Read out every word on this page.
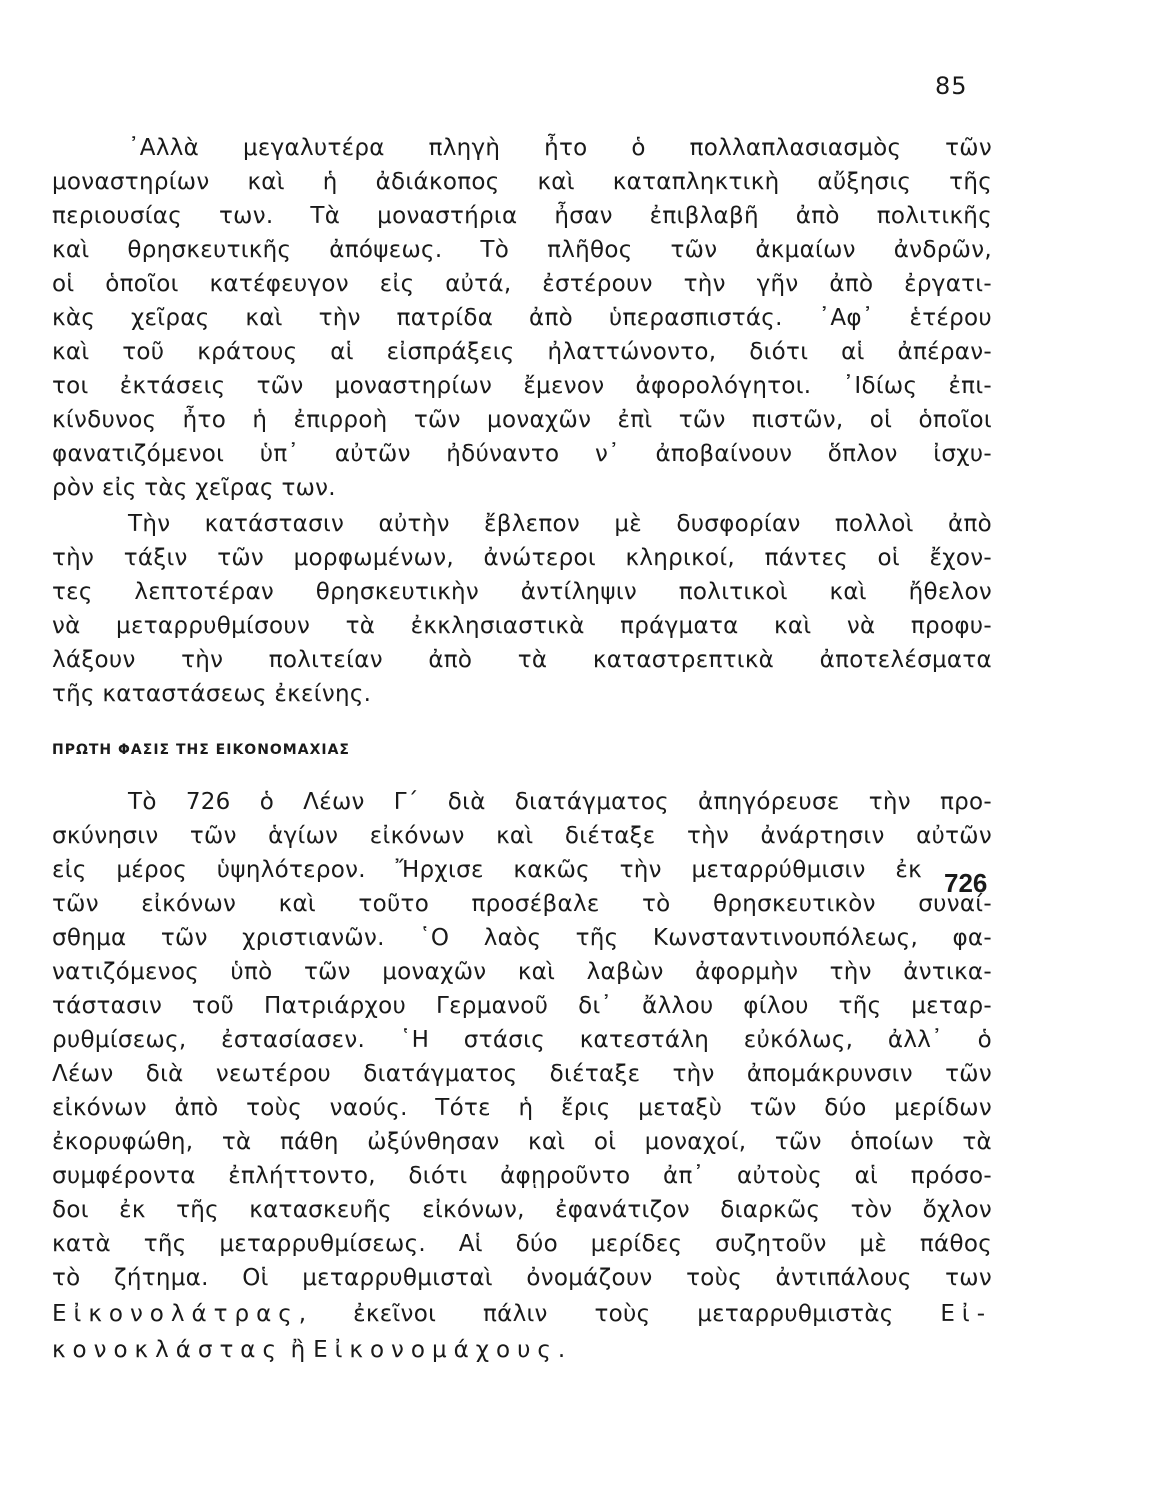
85
᾿Αλλὰ μεγαλυτέρα πληγὴ ἦτο ὁ πολλαπλασιασμὸς τῶν
μοναστηρίων καὶ ἡ ἀδιάκοπος καὶ καταπληκτικὴ αὔξησις τῆς
περιουσίας των. Τὰ μοναστήρια ἦσαν ἐπιβλαβῆ ἀπὸ πολιτικῆς
καὶ θρησκευτικῆς ἀπόψεως. Τὸ πλῆθος τῶν ἀκμαίων ἀνδρῶν,
οἱ ὁποῖοι κατέφευγον εἰς αὐτά, ἐστέρουν τὴν γῆν ἀπὸ ἐργατι-
κὰς χεῖρας καὶ τὴν πατρίδα ἀπὸ ὑπερασπιστάς. ᾿Αφ᾿ ἑτέρου
καὶ τοῦ κράτους αἱ εἰσπράξεις ἠλαττώνοντο, διότι αἱ ἀπέραν-
τοι ἐκτάσεις τῶν μοναστηρίων ἔμενον ἀφορολόγητοι. ᾿Ιδίως ἐπι-
κίνδυνος ἦτο ἡ ἐπιρροὴ τῶν μοναχῶν ἐπὶ τῶν πιστῶν, οἱ ὁποῖοι
φανατιζόμενοι ὑπ᾿ αὐτῶν ἠδύναντο ν᾿ ἀποβαίνουν ὅπλον ἰσχυ-
ρὸν εἰς τὰς χεῖρας των.
Τὴν κατάστασιν αὐτὴν ἔβλεπον μὲ δυσφορίαν πολλοὶ ἀπὸ
τὴν τάξιν τῶν μορφωμένων, ἀνώτεροι κληρικοί, πάντες οἱ ἔχον-
τες λεπτοτέραν θρησκευτικὴν ἀντίληψιν πολιτικοὶ καὶ ἤθελον
νὰ μεταρρυθμίσουν τὰ ἐκκλησιαστικὰ πράγματα καὶ νὰ προφυ-
λάξουν τὴν πολιτείαν ἀπὸ τὰ καταστρεπτικὰ ἀποτελέσματα
τῆς καταστάσεως ἐκείνης.
ΠΡΩΤΗ ΦΑΣΙΣ ΤΗΣ ΕΙΚΟΝΟΜΑΧΙΑΣ
726
Τὸ 726 ὁ Λέων Γ΄ διὰ διατάγματος ἀπηγόρευσε τὴν προ-
σκύνησιν τῶν ἁγίων εἰκόνων καὶ διέταξε τὴν ἀνάρτησιν αὐτῶν
εἰς μέρος ὑψηλότερον. Ἤρχισε κακῶς τὴν μεταρρύθμισιν ἐκ
τῶν εἰκόνων καὶ τοῦτο προσέβαλε τὸ θρησκευτικὸν συναί-
σθημα τῶν χριστιανῶν. ῾Ο λαὸς τῆς Κωνσταντινουπόλεως, φα-
νατιζόμενος ὑπὸ τῶν μοναχῶν καὶ λαβὼν ἀφορμὴν τὴν ἀντικα-
τάστασιν τοῦ Πατριάρχου Γερμανοῦ δι᾿ ἄλλου φίλου τῆς μεταρ-
ρυθμίσεως, ἐστασίασεν. ῾Η στάσις κατεστάλη εὐκόλως, ἀλλ᾿ ὁ
Λέων διὰ νεωτέρου διατάγματος διέταξε τὴν ἀπομάκρυνσιν τῶν
εἰκόνων ἀπὸ τοὺς ναούς. Τότε ἡ ἔρις μεταξὺ τῶν δύο μερίδων
ἐκορυφώθη, τὰ πάθη ὠξύνθησαν καὶ οἱ μοναχοί, τῶν ὁποίων τὰ
συμφέροντα ἐπλήττοντο, διότι ἀφῃροῦντο ἀπ᾿ αὐτοὺς αἱ πρόσο-
δοι ἐκ τῆς κατασκευῆς εἰκόνων, ἐφανάτιζον διαρκῶς τὸν ὄχλον
κατὰ τῆς μεταρρυθμίσεως. Αἱ δύο μερίδες συζητοῦν μὲ πάθος
τὸ ζήτημα. Οἱ μεταρρυθμισταὶ ὀνομάζουν τοὺς ἀντιπάλους των
Εἰκονολάτρας, ἐκεῖνοι πάλιν τοὺς μεταρρυθμιστὰς Εἰ-
κονοκλάστας ἢ Εἰκονομάχους.
